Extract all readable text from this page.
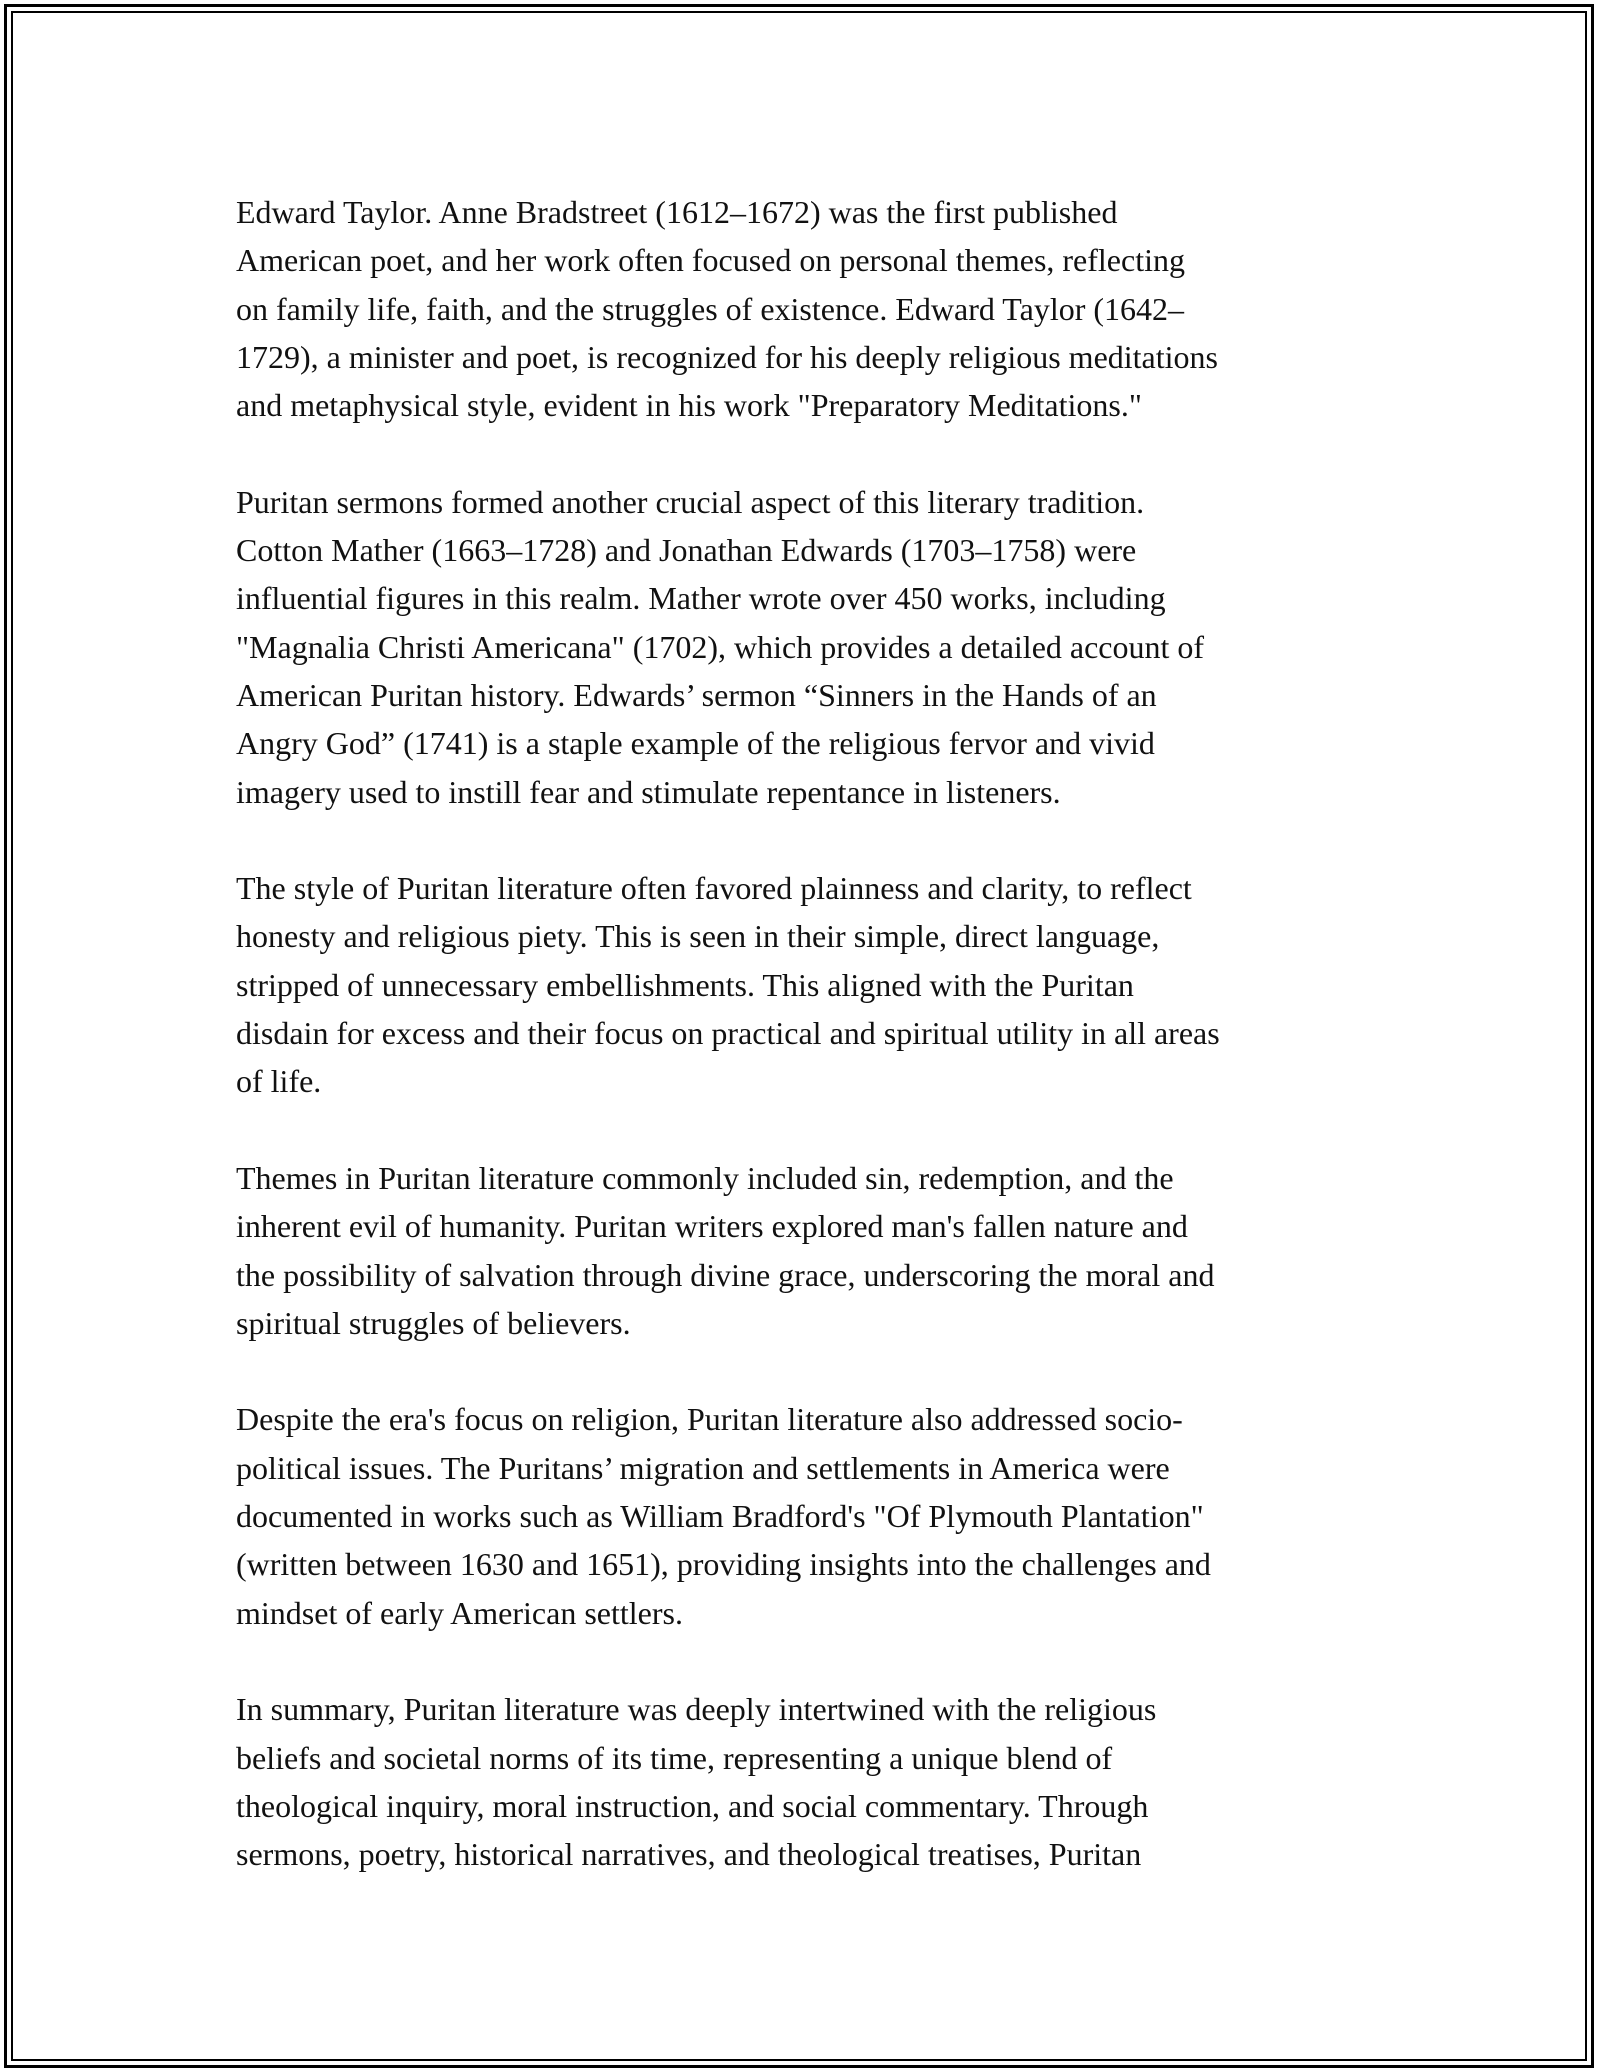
Edward Taylor. Anne Bradstreet (1612–1672) was the first published
American poet, and her work often focused on personal themes, reflecting
on family life, faith, and the struggles of existence. Edward Taylor (1642–
1729), a minister and poet, is recognized for his deeply religious meditations
and metaphysical style, evident in his work "Preparatory Meditations."

Puritan sermons formed another crucial aspect of this literary tradition.
Cotton Mather (1663–1728) and Jonathan Edwards (1703–1758) were
influential figures in this realm. Mather wrote over 450 works, including
"Magnalia Christi Americana" (1702), which provides a detailed account of
American Puritan history. Edwards’ sermon “Sinners in the Hands of an
Angry God” (1741) is a staple example of the religious fervor and vivid
imagery used to instill fear and stimulate repentance in listeners.

The style of Puritan literature often favored plainness and clarity, to reflect
honesty and religious piety. This is seen in their simple, direct language,
stripped of unnecessary embellishments. This aligned with the Puritan
disdain for excess and their focus on practical and spiritual utility in all areas
of life.

Themes in Puritan literature commonly included sin, redemption, and the
inherent evil of humanity. Puritan writers explored man's fallen nature and
the possibility of salvation through divine grace, underscoring the moral and
spiritual struggles of believers.

Despite the era's focus on religion, Puritan literature also addressed socio-
political issues. The Puritans’ migration and settlements in America were
documented in works such as William Bradford's "Of Plymouth Plantation"
(written between 1630 and 1651), providing insights into the challenges and
mindset of early American settlers.

In summary, Puritan literature was deeply intertwined with the religious
beliefs and societal norms of its time, representing a unique blend of
theological inquiry, moral instruction, and social commentary. Through
sermons, poetry, historical narratives, and theological treatises, Puritan
